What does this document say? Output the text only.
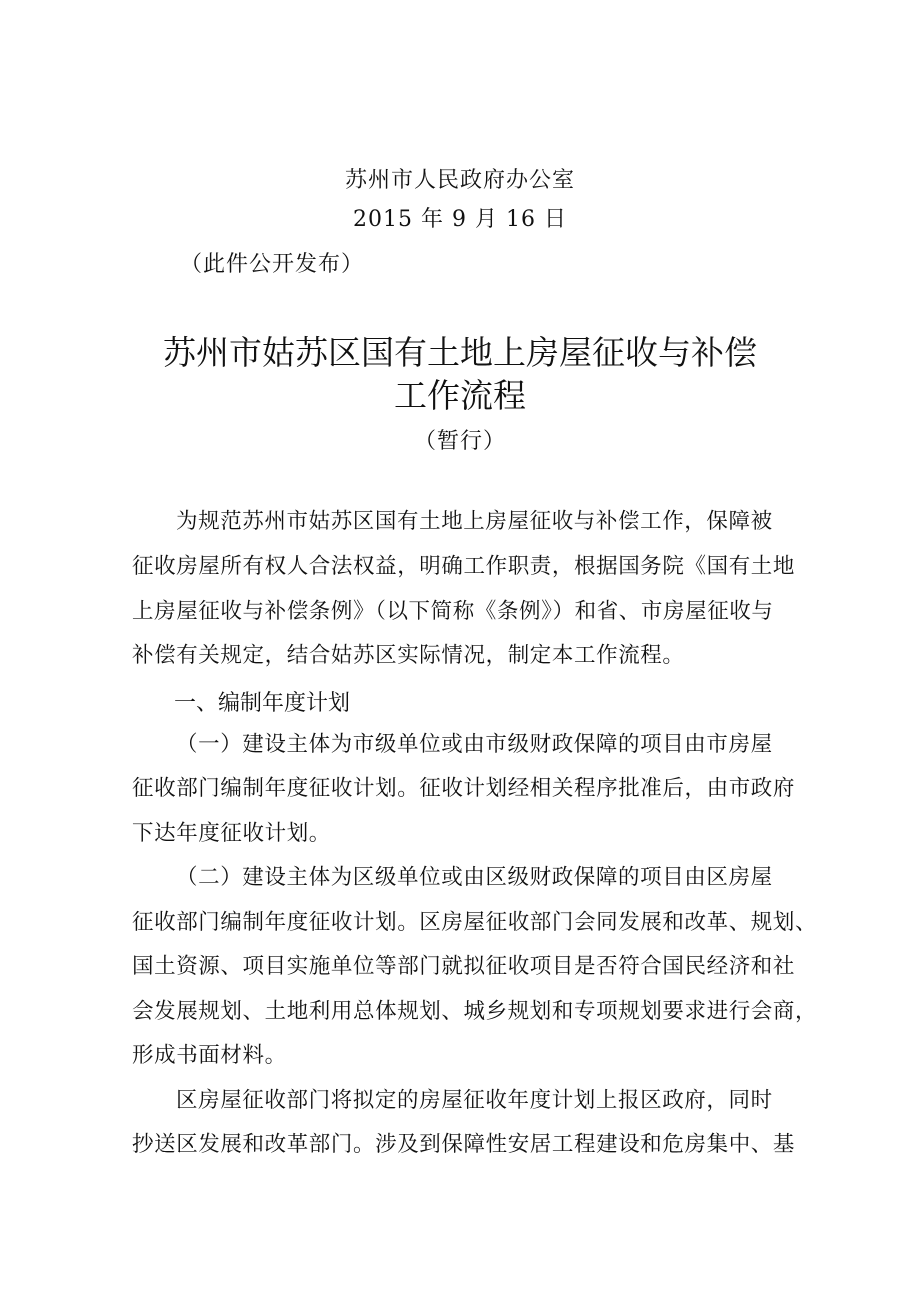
苏州市人民政府办公室
2015 年 9 月 16 日
（此件公开发布）
苏州市姑苏区国有土地上房屋征收与补偿
工作流程
（暂行）
为规范苏州市姑苏区国有土地上房屋征收与补偿工作，保障被
征收房屋所有权人合法权益，明确工作职责，根据国务院《国有土地
上房屋征收与补偿条例》（以下简称《条例》）和省、市房屋征收与
补偿有关规定，结合姑苏区实际情况，制定本工作流程。
一、编制年度计划
（一）建设主体为市级单位或由市级财政保障的项目由市房屋
征收部门编制年度征收计划。征收计划经相关程序批准后，由市政府
下达年度征收计划。
（二）建设主体为区级单位或由区级财政保障的项目由区房屋
征收部门编制年度征收计划。区房屋征收部门会同发展和改革、规划、
国土资源、项目实施单位等部门就拟征收项目是否符合国民经济和社
会发展规划、土地利用总体规划、城乡规划和专项规划要求进行会商，
形成书面材料。
区房屋征收部门将拟定的房屋征收年度计划上报区政府，同时
抄送区发展和改革部门。涉及到保障性安居工程建设和危房集中、基
